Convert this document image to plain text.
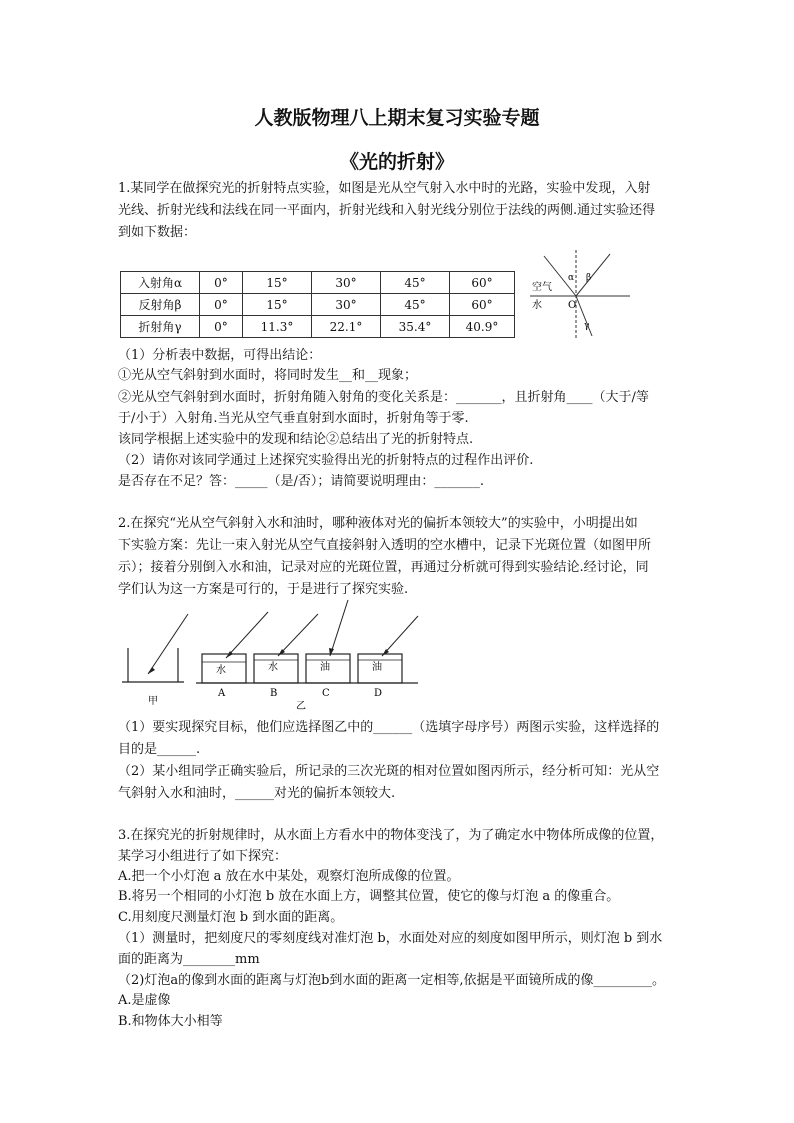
人教版物理八上期末复习实验专题
《光的折射》
1.某同学在做探究光的折射特点实验，如图是光从空气射入水中时的光路，实验中发现，入射
光线、折射光线和法线在同一平面内，折射光线和入射光线分别位于法线的两侧.通过实验还得
到如下数据：
入射角α	0°	15°	30°	45°	60°
反射角β	0°	15°	30°	45°	60°
折射角γ	0°	11.3°	22.1°	35.4°	40.9°
空气
水	O
α β
γ
（1）分析表中数据，可得出结论：
①光从空气斜射到水面时，将同时发生__和__现象；
②光从空气斜射到水面时，折射角随入射角的变化关系是：_______，且折射角____（大于/等
于/小于）入射角.当光从空气垂直射到水面时，折射角等于零.
该同学根据上述实验中的发现和结论②总结出了光的折射特点.
（2）请你对该同学通过上述探究实验得出光的折射特点的过程作出评价.
是否存在不足？答：_____（是/否）；请简要说明理由：_______.
2.在探究“光从空气斜射入水和油时，哪种液体对光的偏折本领较大”的实验中，小明提出如
下实验方案：先让一束入射光从空气直接斜射入透明的空水槽中，记录下光斑位置（如图甲所
示）；接着分别倒入水和油，记录对应的光斑位置，再通过分析就可得到实验结论.经讨论，同
学们认为这一方案是可行的，于是进行了探究实验.
水	水	油	油
A	B	C	D
甲	乙
（1）要实现探究目标，他们应选择图乙中的______（选填字母序号）两图示实验，这样选择的
目的是______.
（2）某小组同学正确实验后，所记录的三次光斑的相对位置如图丙所示，经分析可知：光从空
气斜射入水和油时，______对光的偏折本领较大.
3.在探究光的折射规律时，从水面上方看水中的物体变浅了，为了确定水中物体所成像的位置，
某学习小组进行了如下探究：
A.把一个小灯泡 a 放在水中某处，观察灯泡所成像的位置。
B.将另一个相同的小灯泡 b 放在水面上方，调整其位置，使它的像与灯泡 a 的像重合。
C.用刻度尺测量灯泡 b 到水面的距离。
（1）测量时，把刻度尺的零刻度线对准灯泡 b，水面处对应的刻度如图甲所示，则灯泡 b 到水
面的距离为________mm
（2)灯泡a的像到水面的距离与灯泡b到水面的距离一定相等,依据是平面镜所成的像_________。
A.是虚像
B.和物体大小相等
